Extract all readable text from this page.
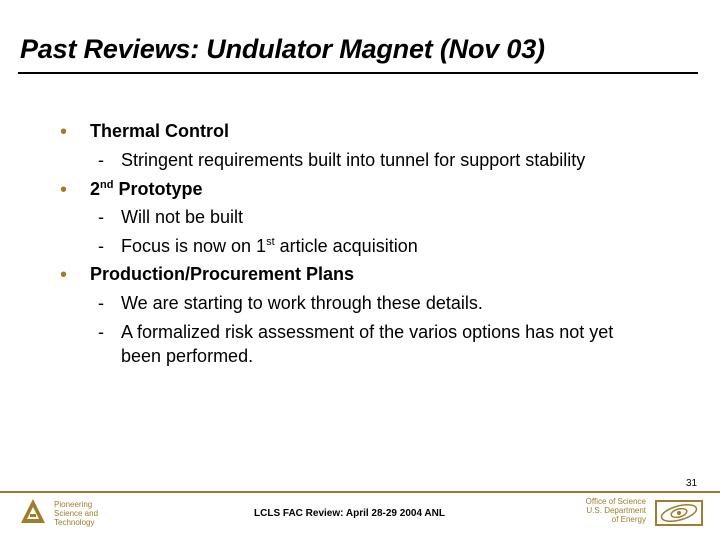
Past Reviews: Undulator Magnet (Nov 03)
• Thermal Control
- Stringent requirements built into tunnel for support stability
• 2nd Prototype
- Will not be built
- Focus is now on 1st article acquisition
• Production/Procurement Plans
- We are starting to work through these details.
- A formalized risk assessment of the varios options has not yet
been performed.
31
Pioneering
Science and
Technology
LCLS FAC Review: April 28-29 2004 ANL
Office of Science
U.S. Department
of Energy
